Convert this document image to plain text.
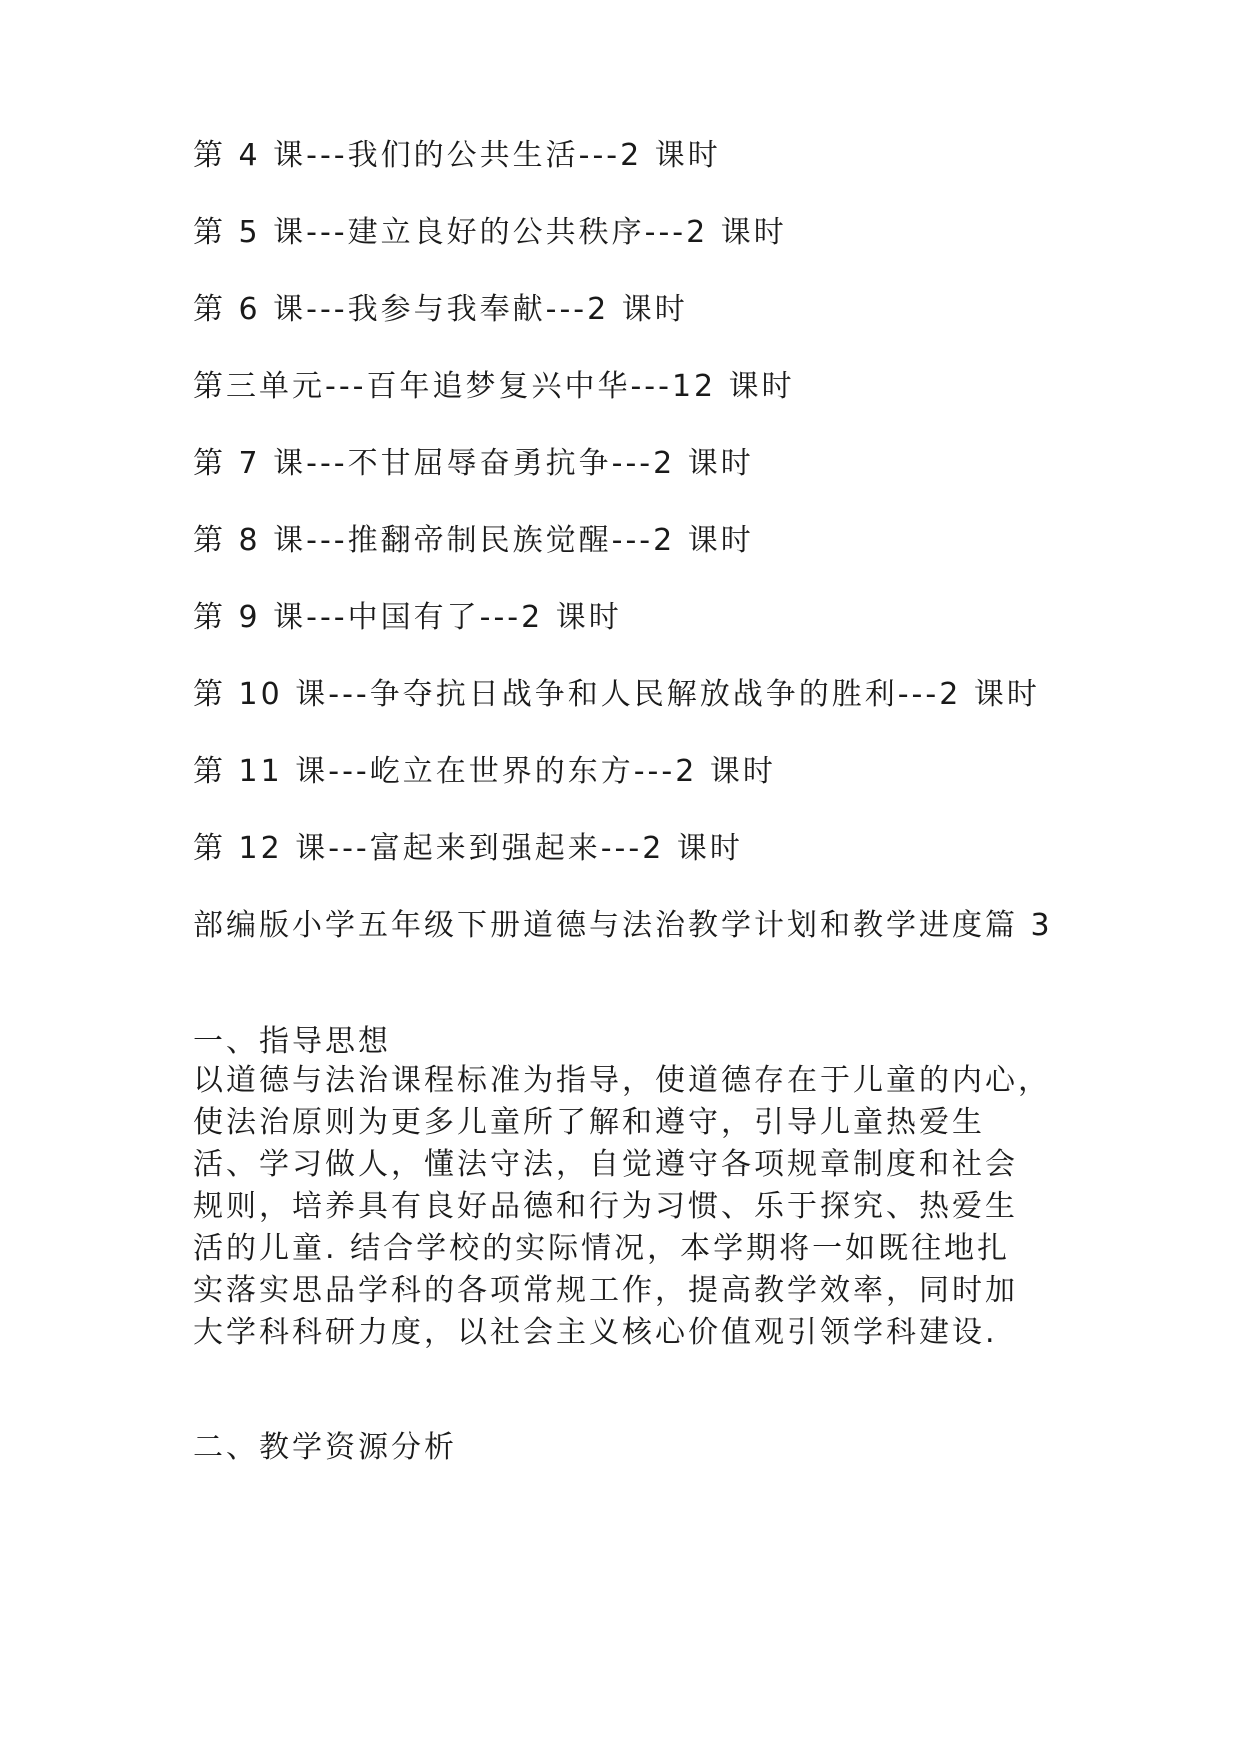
第 4 课---我们的公共生活---2 课时
第 5 课---建立良好的公共秩序---2 课时
第 6 课---我参与我奉献---2 课时
第三单元---百年追梦复兴中华---12 课时
第 7 课---不甘屈辱奋勇抗争---2 课时
第 8 课---推翻帝制民族觉醒---2 课时
第 9 课---中国有了---2 课时
第 10 课---争夺抗日战争和人民解放战争的胜利---2 课时
第 11 课---屹立在世界的东方---2 课时
第 12 课---富起来到强起来---2 课时
部编版小学五年级下册道德与法治教学计划和教学进度篇 3
一、指导思想
以道德与法治课程标准为指导，使道德存在于儿童的内心，
使法治原则为更多儿童所了解和遵守，引导儿童热爱生
活、学习做人，懂法守法，自觉遵守各项规章制度和社会
规则，培养具有良好品德和行为习惯、乐于探究、热爱生
活的儿童. 结合学校的实际情况，本学期将一如既往地扎
实落实思品学科的各项常规工作，提高教学效率，同时加
大学科科研力度，以社会主义核心价值观引领学科建设.
二、教学资源分析
